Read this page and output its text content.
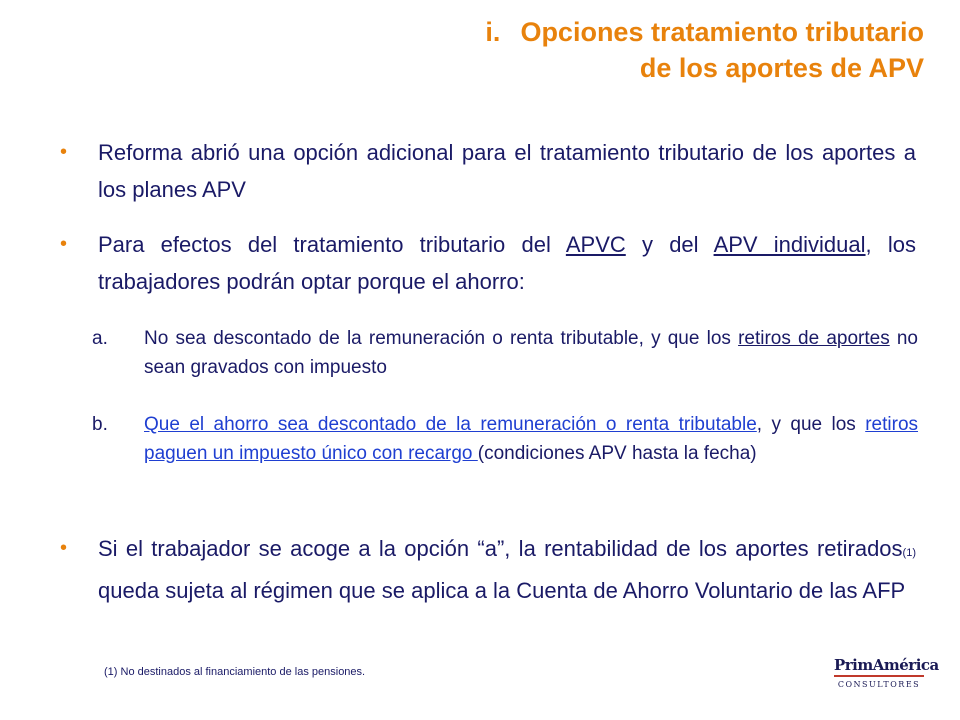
i. Opciones tratamiento tributario
de los aportes de APV
• Reforma abrió una opción adicional para el tratamiento tributario de los aportes a los planes APV
• Para efectos del tratamiento tributario del APVC y del APV individual, los trabajadores podrán optar porque el ahorro:
a. No sea descontado de la remuneración o renta tributable, y que los retiros de aportes no sean gravados con impuesto
b. Que el ahorro sea descontado de la remuneración o renta tributable, y que los retiros paguen un impuesto único con recargo (condiciones APV hasta la fecha)
• Si el trabajador se acoge a la opción “a”, la rentabilidad de los aportes retirados(1) queda sujeta al régimen que se aplica a la Cuenta de Ahorro Voluntario de las AFP
(1) No destinados al financiamiento de las pensiones.	PrimAmérica
CONSULTORES
